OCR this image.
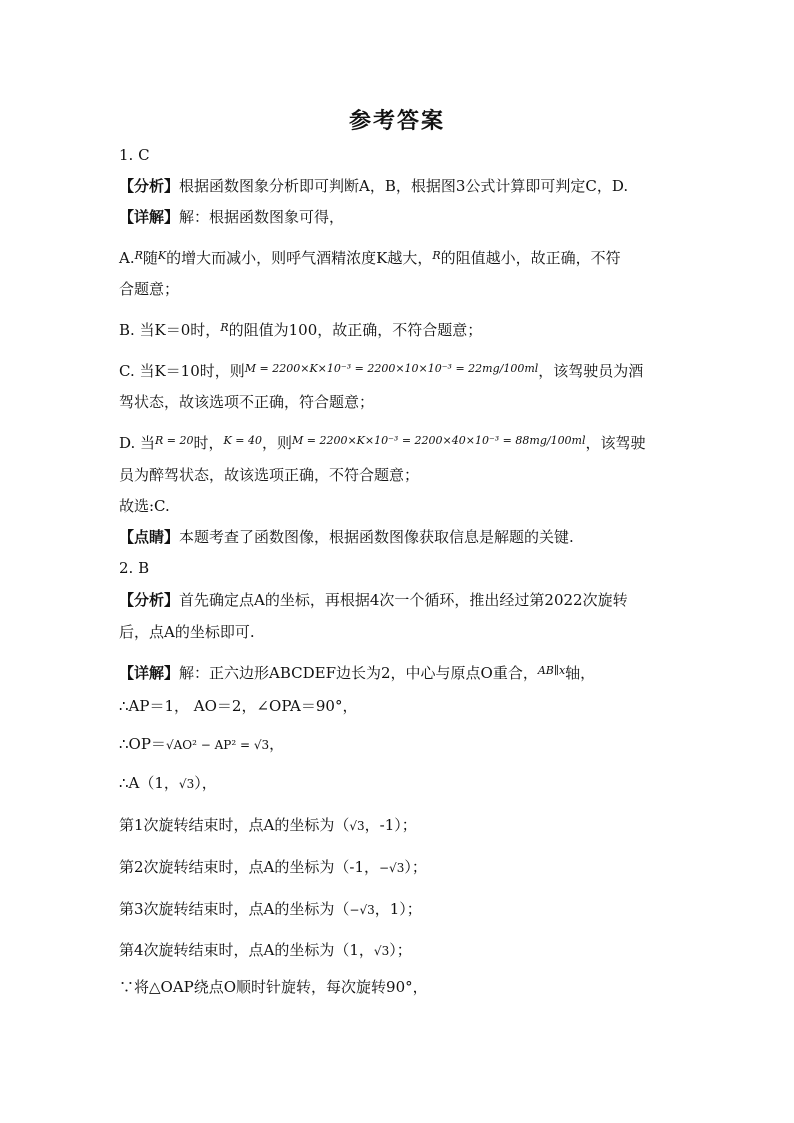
参考答案
1. C
【分析】根据函数图象分析即可判断A，B，根据图3公式计算即可判定C，D.
【详解】解：根据函数图象可得，
A.$^R$随$^K$的增大而减小，则呼气酒精浓度K越大，$^R$的阻值越小，故正确，不符
合题意；
B. 当K＝0时，$^R$的阻值为100，故正确，不符合题意；
C. 当K＝10时，则$^{M = 2200\times K\times 10^{-3} = 2200\times 10\times 10^{-3} = 22mg/100ml}$，该驾驶员为酒
驾状态，故该选项不正确，符合题意；
D. 当$^{R = 20}$时，$^{K = 40}$，则$^{M = 2200\times K\times 10^{-3} = 2200\times 40\times 10^{-3} = 88mg/100ml}$，该驾驶
员为醉驾状态，故该选项正确，不符合题意；
故选:C.
【点睛】本题考查了函数图像，根据函数图像获取信息是解题的关键.
2. B
【分析】首先确定点A的坐标，再根据4次一个循环，推出经过第2022次旋转
后，点A的坐标即可.
【详解】解：正六边形ABCDEF边长为2，中心与原点O重合，$^{AB\parallel x}$轴，
∴AP＝1， AO＝2，∠OPA＝90°，
∴OP＝√AO² − AP² = √3，
∴A（1，√3），
第1次旋转结束时，点A的坐标为（√3，-1）；
第2次旋转结束时，点A的坐标为（-1，−√3）；
第3次旋转结束时，点A的坐标为（−√3，1）；
第4次旋转结束时，点A的坐标为（1，√3）；
∵将△OAP绕点O顺时针旋转，每次旋转90°，
